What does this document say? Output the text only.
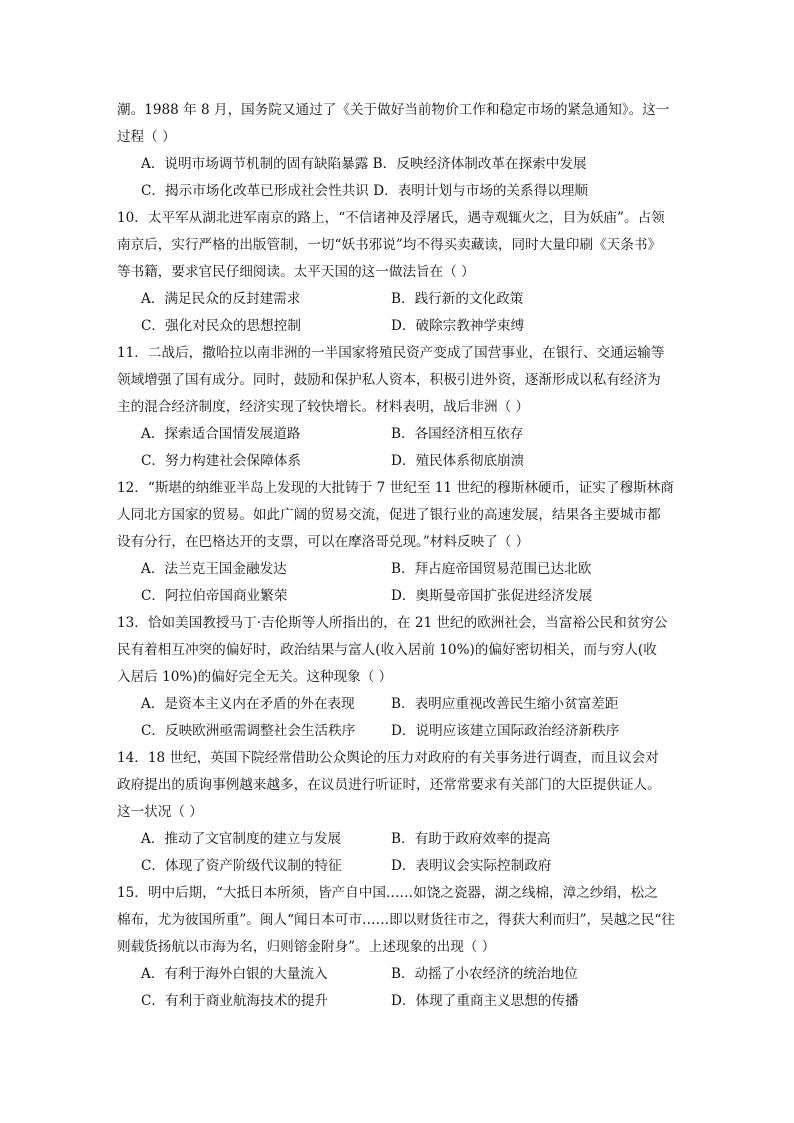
潮。1988 年 8 月，国务院又通过了《关于做好当前物价工作和稳定市场的紧急通知》。这一
过程（ ）
A．说明市场调节机制的固有缺陷暴露 B．反映经济体制改革在探索中发展
C．揭示市场化改革已形成社会性共识 D．表明计划与市场的关系得以理顺
10．太平军从湖北进军南京的路上，“不信诸神及浮屠氏，遇寺观辄火之，目为妖庙”。占领
南京后，实行严格的出版管制，一切“妖书邪说”均不得买卖藏读，同时大量印刷《天条书》
等书籍，要求官民仔细阅读。太平天国的这一做法旨在（ ）
A．满足民众的反封建需求	B．践行新的文化政策
C．强化对民众的思想控制	D．破除宗教神学束缚
11．二战后，撒哈拉以南非洲的一半国家将殖民资产变成了国营事业，在银行、交通运输等
领域增强了国有成分。同时，鼓励和保护私人资本，积极引进外资，逐渐形成以私有经济为
主的混合经济制度，经济实现了较快增长。材料表明，战后非洲（ ）
A．探索适合国情发展道路	B．各国经济相互依存
C．努力构建社会保障体系	D．殖民体系彻底崩溃
12．“斯堪的纳维亚半岛上发现的大批铸于 7 世纪至 11 世纪的穆斯林硬币，证实了穆斯林商
人同北方国家的贸易。如此广阔的贸易交流，促进了银行业的高速发展，结果各主要城市都
设有分行，在巴格达开的支票，可以在摩洛哥兑现。”材料反映了（ ）
A．法兰克王国金融发达	B．拜占庭帝国贸易范围已达北欧
C．阿拉伯帝国商业繁荣	D．奥斯曼帝国扩张促进经济发展
13．恰如美国教授马丁·吉伦斯等人所指出的，在 21 世纪的欧洲社会，当富裕公民和贫穷公
民有着相互冲突的偏好时，政治结果与富人(收入居前 10%)的偏好密切相关，而与穷人(收
入居后 10%)的偏好完全无关。这种现象（ ）
A．是资本主义内在矛盾的外在表现	B．表明应重视改善民生缩小贫富差距
C．反映欧洲亟需调整社会生活秩序	D．说明应该建立国际政治经济新秩序
14．18 世纪，英国下院经常借助公众舆论的压力对政府的有关事务进行调查，而且议会对
政府提出的质询事例越来越多，在议员进行听证时，还常常要求有关部门的大臣提供证人。
这一状况（ ）
A．推动了文官制度的建立与发展	B．有助于政府效率的提高
C．体现了资产阶级代议制的特征	D．表明议会实际控制政府
15．明中后期，“大抵日本所须，皆产自中国……如饶之瓷器，湖之线棉，漳之纱绢，松之
棉布，尤为彼国所重”。闽人“闻日本可市……即以财货往市之，得获大利而归”，吴越之民“往
则载货扬航以市海为名，归则镕金附身”。上述现象的出现（ ）
A．有利于海外白银的大量流入	B．动摇了小农经济的统治地位
C．有利于商业航海技术的提升	D．体现了重商主义思想的传播
